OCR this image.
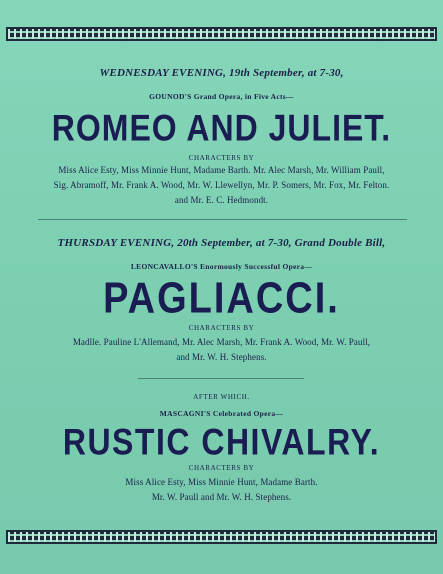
WEDNESDAY EVENING, 19th September, at 7-30,
GOUNOD'S Grand Opera, in Five Acts—
ROMEO AND JULIET.
CHARACTERS BY
Miss Alice Esty, Miss Minnie Hunt, Madame Barth. Mr. Alec Marsh, Mr. William Paull,
Sig. Abramoff, Mr. Frank A. Wood, Mr. W. Llewellyn, Mr. P. Somers, Mr. Fox, Mr. Felton.
and Mr. E. C. Hedmondt.
THURSDAY EVENING, 20th September, at 7-30, Grand Double Bill,
LEONCAVALLO'S Enormously Successful Opera—
PAGLIACCI.
CHARACTERS BY
Madlle. Pauline L'Allemand, Mr. Alec Marsh, Mr. Frank A. Wood, Mr. W. Paull,
and Mr. W. H. Stephens.
AFTER WHICH.
MASCAGNI'S Celebrated Opera—
RUSTIC CHIVALRY.
CHARACTERS BY
Miss Alice Esty, Miss Minnie Hunt, Madame Barth.
Mr. W. Paull and Mr. W. H. Stephens.
